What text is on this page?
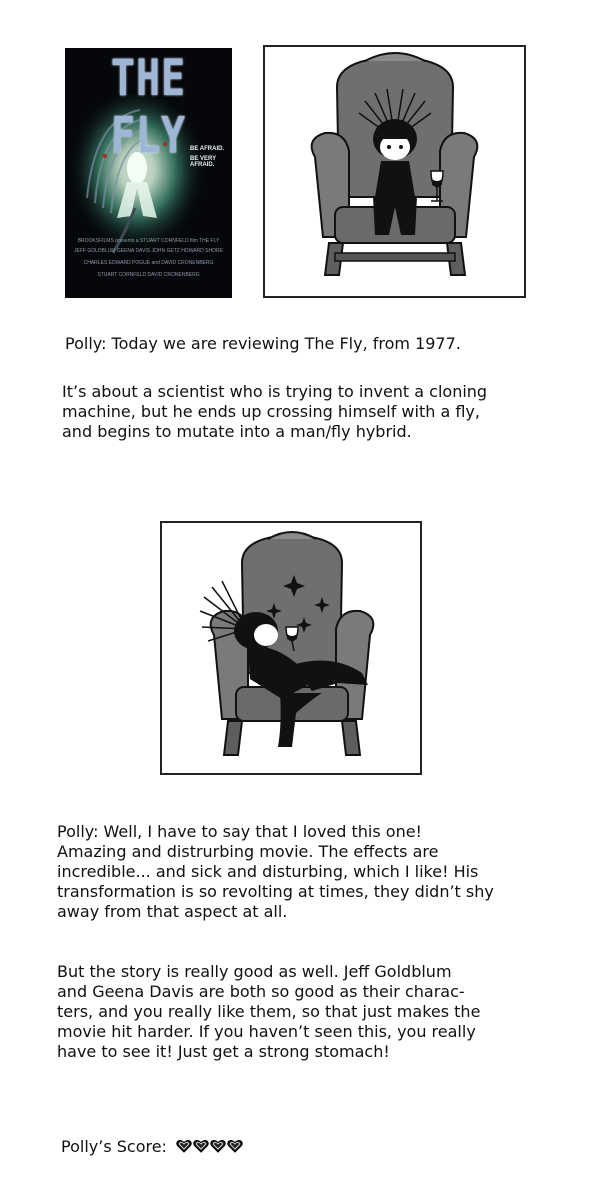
THE FLY BE AFRAID.
BE VERY AFRAID.
BROOKSFILMS presents a STUART CORNFELD film THE FLY
JEFF GOLDBLUM GEENA DAVIS JOHN GETZ HOWARD SHORE
CHARLES EDWARD POGUE and DAVID CRONENBERG
STUART CORNFELD DAVID CRONENBERG
Polly: Today we are reviewing The Fly, from 1977.
It’s about a scientist who is trying to invent a cloning
machine, but he ends up crossing himself with a fly,
and begins to mutate into a man/fly hybrid.
Polly: Well, I have to say that I loved this one!
Amazing and distrurbing movie. The effects are
incredible... and sick and disturbing, which I like! His
transformation is so revolting at times, they didn’t shy
away from that aspect at all.
But the story is really good as well. Jeff Goldblum
and Geena Davis are both so good as their charac-
ters, and you really like them, so that just makes the
movie hit harder. If you haven’t seen this, you really
have to see it! Just get a strong stomach!
Polly’s Score:
